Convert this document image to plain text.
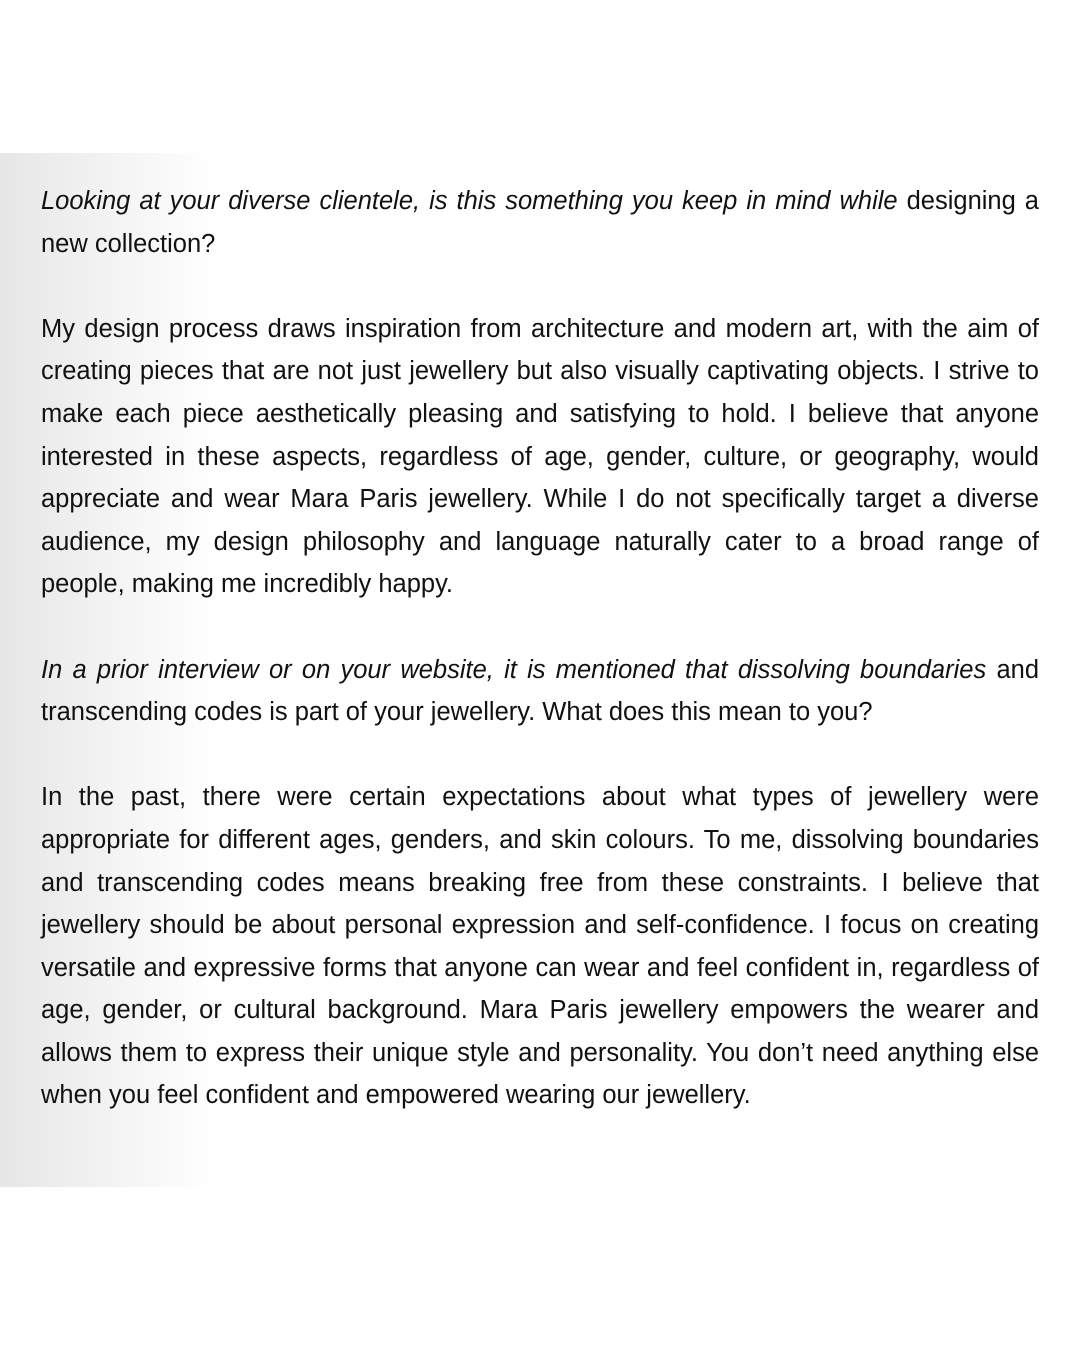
Looking at your diverse clientele, is this something you keep in mind while designing a new collection?

My design process draws inspiration from architecture and modern art, with the aim of creating pieces that are not just jewellery but also visually captivating objects. I strive to make each piece aesthetically pleasing and satisfying to hold. I believe that anyone interested in these aspects, regardless of age, gender, culture, or geography, would appreciate and wear Mara Paris jewellery. While I do not specifically target a diverse audience, my design philosophy and language naturally cater to a broad range of people, making me incredibly happy.

In a prior interview or on your website, it is mentioned that dissolving boundaries and transcending codes is part of your jewellery. What does this mean to you?

In the past, there were certain expectations about what types of jewellery were appropriate for different ages, genders, and skin colours. To me, dissolving boundaries and transcending codes means breaking free from these constraints. I believe that jewellery should be about personal expression and self-confidence. I focus on creating versatile and expressive forms that anyone can wear and feel confident in, regardless of age, gender, or cultural background. Mara Paris jewellery empowers the wearer and allows them to express their unique style and personality. You don’t need anything else when you feel confident and empowered wearing our jewellery.
